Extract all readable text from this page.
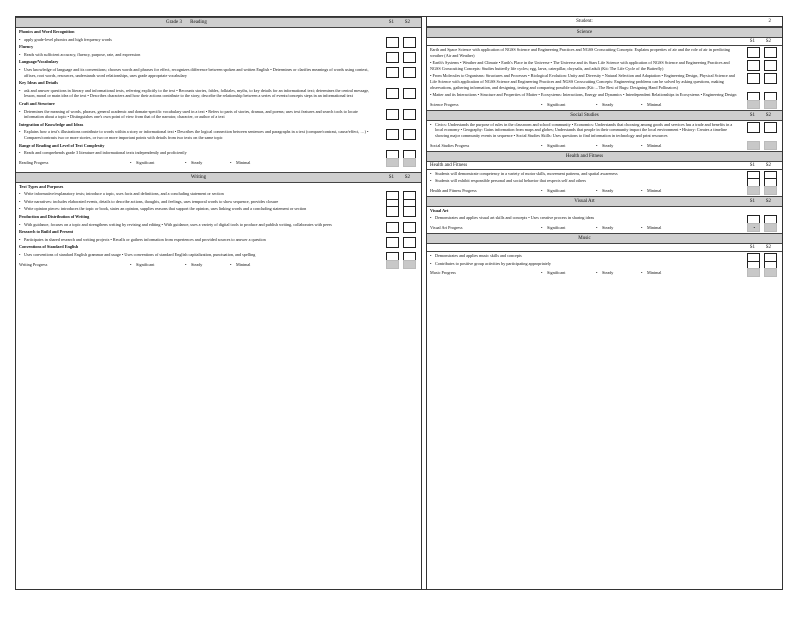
Reading
Grade 3	S1 S2
Phonics and Word Recognition
• apply grade-level phonics and high frequency words
Fluency
• Reads with sufficient accuracy, fluency, purpose, rate, and expression
Language/Vocabulary
• Uses knowledge of language and its conventions; chooses words and phrases for effect, recognizes difference between spoken and written English • Determines or clarifies meanings of words using context, affixes, root words, resources, understands word relationships, uses grade appropriate vocabulary
Key Ideas and Details
• ask and answer questions in literary and informational texts, referring explicitly to the text • Recounts stories, fables, folktales, myths, to key details for an informational text; determines the central message, lesson, moral or main idea of the text • Describes characters and how their actions contribute to the story; describe the relationship between a series of events/concepts steps in an informational text
Craft and Structure
• Determines the meaning of words, phrases, general academic and domain-specific vocabulary used in a text • Refers to parts of stories, dramas, and poems; uses text features and search tools to locate information about a topic • Distinguishes one's own point of view from that of the narrator, character, or author of a text
Integration of Knowledge and Ideas
• Explains how a text's illustrations contribute to words within a story or informational text • Describes the logical connection between sentences and paragraphs in a text (compare/contrast, cause/effect, …) • Compares/contrasts two or more stories, or two or more important points with details from two texts on the same topic
Range of Reading and Level of Text Complexity
• Reads and comprehends grade 3 literature and informational texts independently and proficiently
Reading Progress	Significant	Steady	Minimal
•	•	•
Writing	S1 S2
Text Types and Purposes
• Write informative/explanatory texts; introduce a topic, uses facts and definitions, and a concluding statement or section
• Write narratives: includes elaborated events, details to describe actions, thoughts, and feelings, uses temporal words to show sequence, provides closure
• Write opinion pieces: introduces the topic or book, states an opinion, supplies reasons that support the opinion, uses linking words and a concluding statement or section
Production and Distribution of Writing
• With guidance, focuses on a topic and strengthens writing by revising and editing • With guidance, uses a variety of digital tools to produce and publish writing, collaborates with peers
Research to Build and Present
• Participates in shared research and writing projects • Recalls or gathers information from experiences and provided sources to answer a question
Conventions of Standard English
• Uses conventions of standard English grammar and usage • Uses conventions of standard English capitalization, punctuation, and spelling
Writing Progress	Significant	Steady	Minimal
•	•	•
Student:	2
Science
S1 S2
Earth and Space Science with application of NGSS Science and Engineering Practices and NGSS Crosscutting Concepts: Explains properties of air and the role of air in predicting weather (Air and Weather)
• Earth's Systems • Weather and Climate • Earth's Place in the Universe • The Universe and its Stars Life Science with application of NGSS Science and Engineering Practices and NGSS Crosscutting Concepts: Studies butterfly life cycles; egg, larva, caterpillar, chrysalis, and adult (Kit: The Life Cycle of the Butterfly)
• From Molecules to Organisms: Structures and Processes • Biological Evolution: Unity and Diversity • Natural Selection and Adaptation • Engineering Design, Physical Science and Life Science with application of NGSS Science and Engineering Practices and NGSS Crosscutting Concepts: Engineering problems can be solved by asking questions, making observations, gathering information, and designing, testing and comparing possible solutions (Kit: – The Best of Bugs: Designing Hand Pollinators)
• Matter and its Interactions • Structure and Properties of Matter • Ecosystems: Interactions, Energy and Dynamics • Interdependent Relationships in Ecosystems • Engineering Design
Science Progress	Significant	Steady	Minimal
•	•	•
Social Studies	S1 S2
• Civics: Understands the purpose of rules in the classroom and school community • Economics: Understands that choosing among goods and services has a trade and benefits in a local economy • Geography: Gains information from maps and globes; Understands that people in their community impact the local environment • History: Creates a timeline showing major community events in sequence • Social Studies Skills: Uses questions to find information in technology and print resources
Social Studies Progress	Significant	Steady	Minimal
•	•	•
Health and Fitness
Health and Fitness	S1 S2
• Students will demonstrate competency in a variety of motor skills, movement patterns, and spatial awareness
• Students will exhibit responsible personal and social behavior that respects self and others
Health and Fitness Progress	Significant	Steady	Minimal
•	•	•
Visual Art	S1 S2
Visual Art
• Demonstrates and applies visual art skills and concepts • Uses creative process in sharing ideas
Visual Art Progress	Significant	Steady	Minimal
•	•	•	•
Music
S1 S2
• Demonstrates and applies music skills and concepts
• Contributes to positive group activities by participating appropriately
Music Progress	Significant	Steady	Minimal
•	•	•
